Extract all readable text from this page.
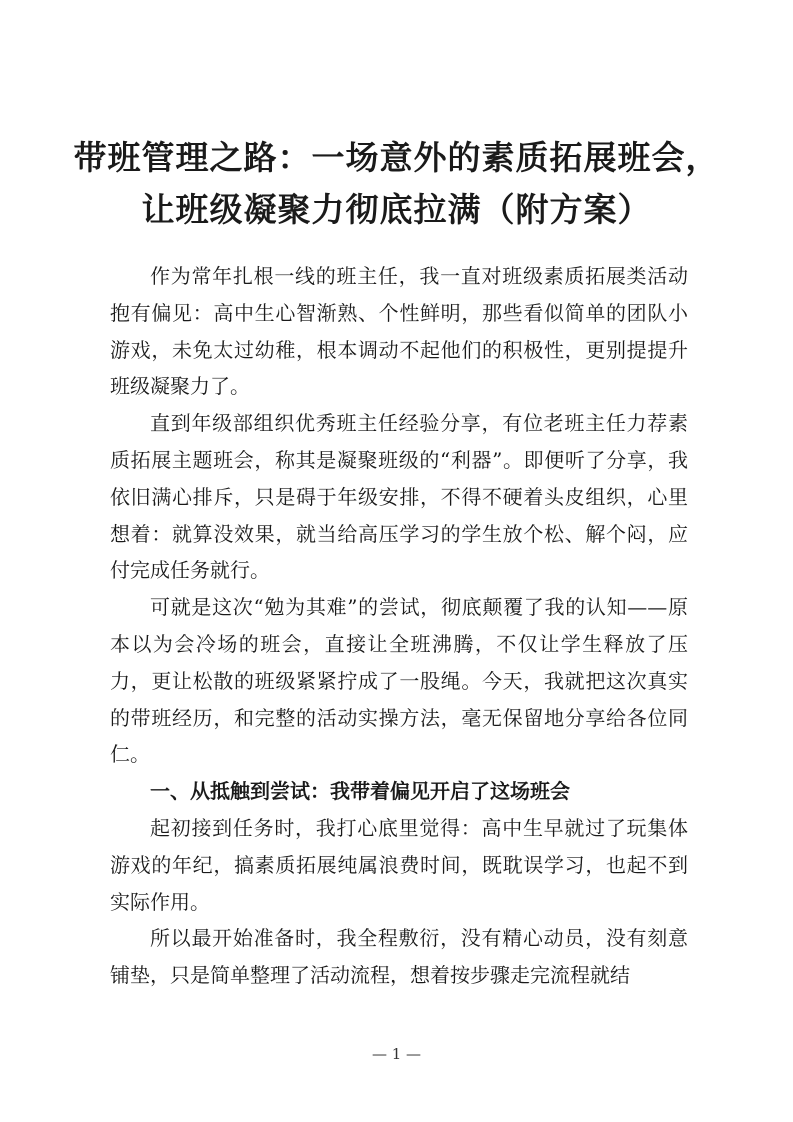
带班管理之路：一场意外的素质拓展班会，
让班级凝聚力彻底拉满（附方案）

作为常年扎根一线的班主任，我一直对班级素质拓展类活动抱有偏见：高中生心智渐熟、个性鲜明，那些看似简单的团队小游戏，未免太过幼稚，根本调动不起他们的积极性，更别提提升班级凝聚力了。

直到年级部组织优秀班主任经验分享，有位老班主任力荐素质拓展主题班会，称其是凝聚班级的“利器”。即便听了分享，我依旧满心排斥，只是碍于年级安排，不得不硬着头皮组织，心里想着：就算没效果，就当给高压学习的学生放个松、解个闷，应付完成任务就行。

可就是这次“勉为其难”的尝试，彻底颠覆了我的认知——原本以为会冷场的班会，直接让全班沸腾，不仅让学生释放了压力，更让松散的班级紧紧拧成了一股绳。今天，我就把这次真实的带班经历，和完整的活动实操方法，毫无保留地分享给各位同仁。

一、从抵触到尝试：我带着偏见开启了这场班会

起初接到任务时，我打心底里觉得：高中生早就过了玩集体游戏的年纪，搞素质拓展纯属浪费时间，既耽误学习，也起不到实际作用。

所以最开始准备时，我全程敷衍，没有精心动员，没有刻意铺垫，只是简单整理了活动流程，想着按步骤走完流程就结

— 1 —
